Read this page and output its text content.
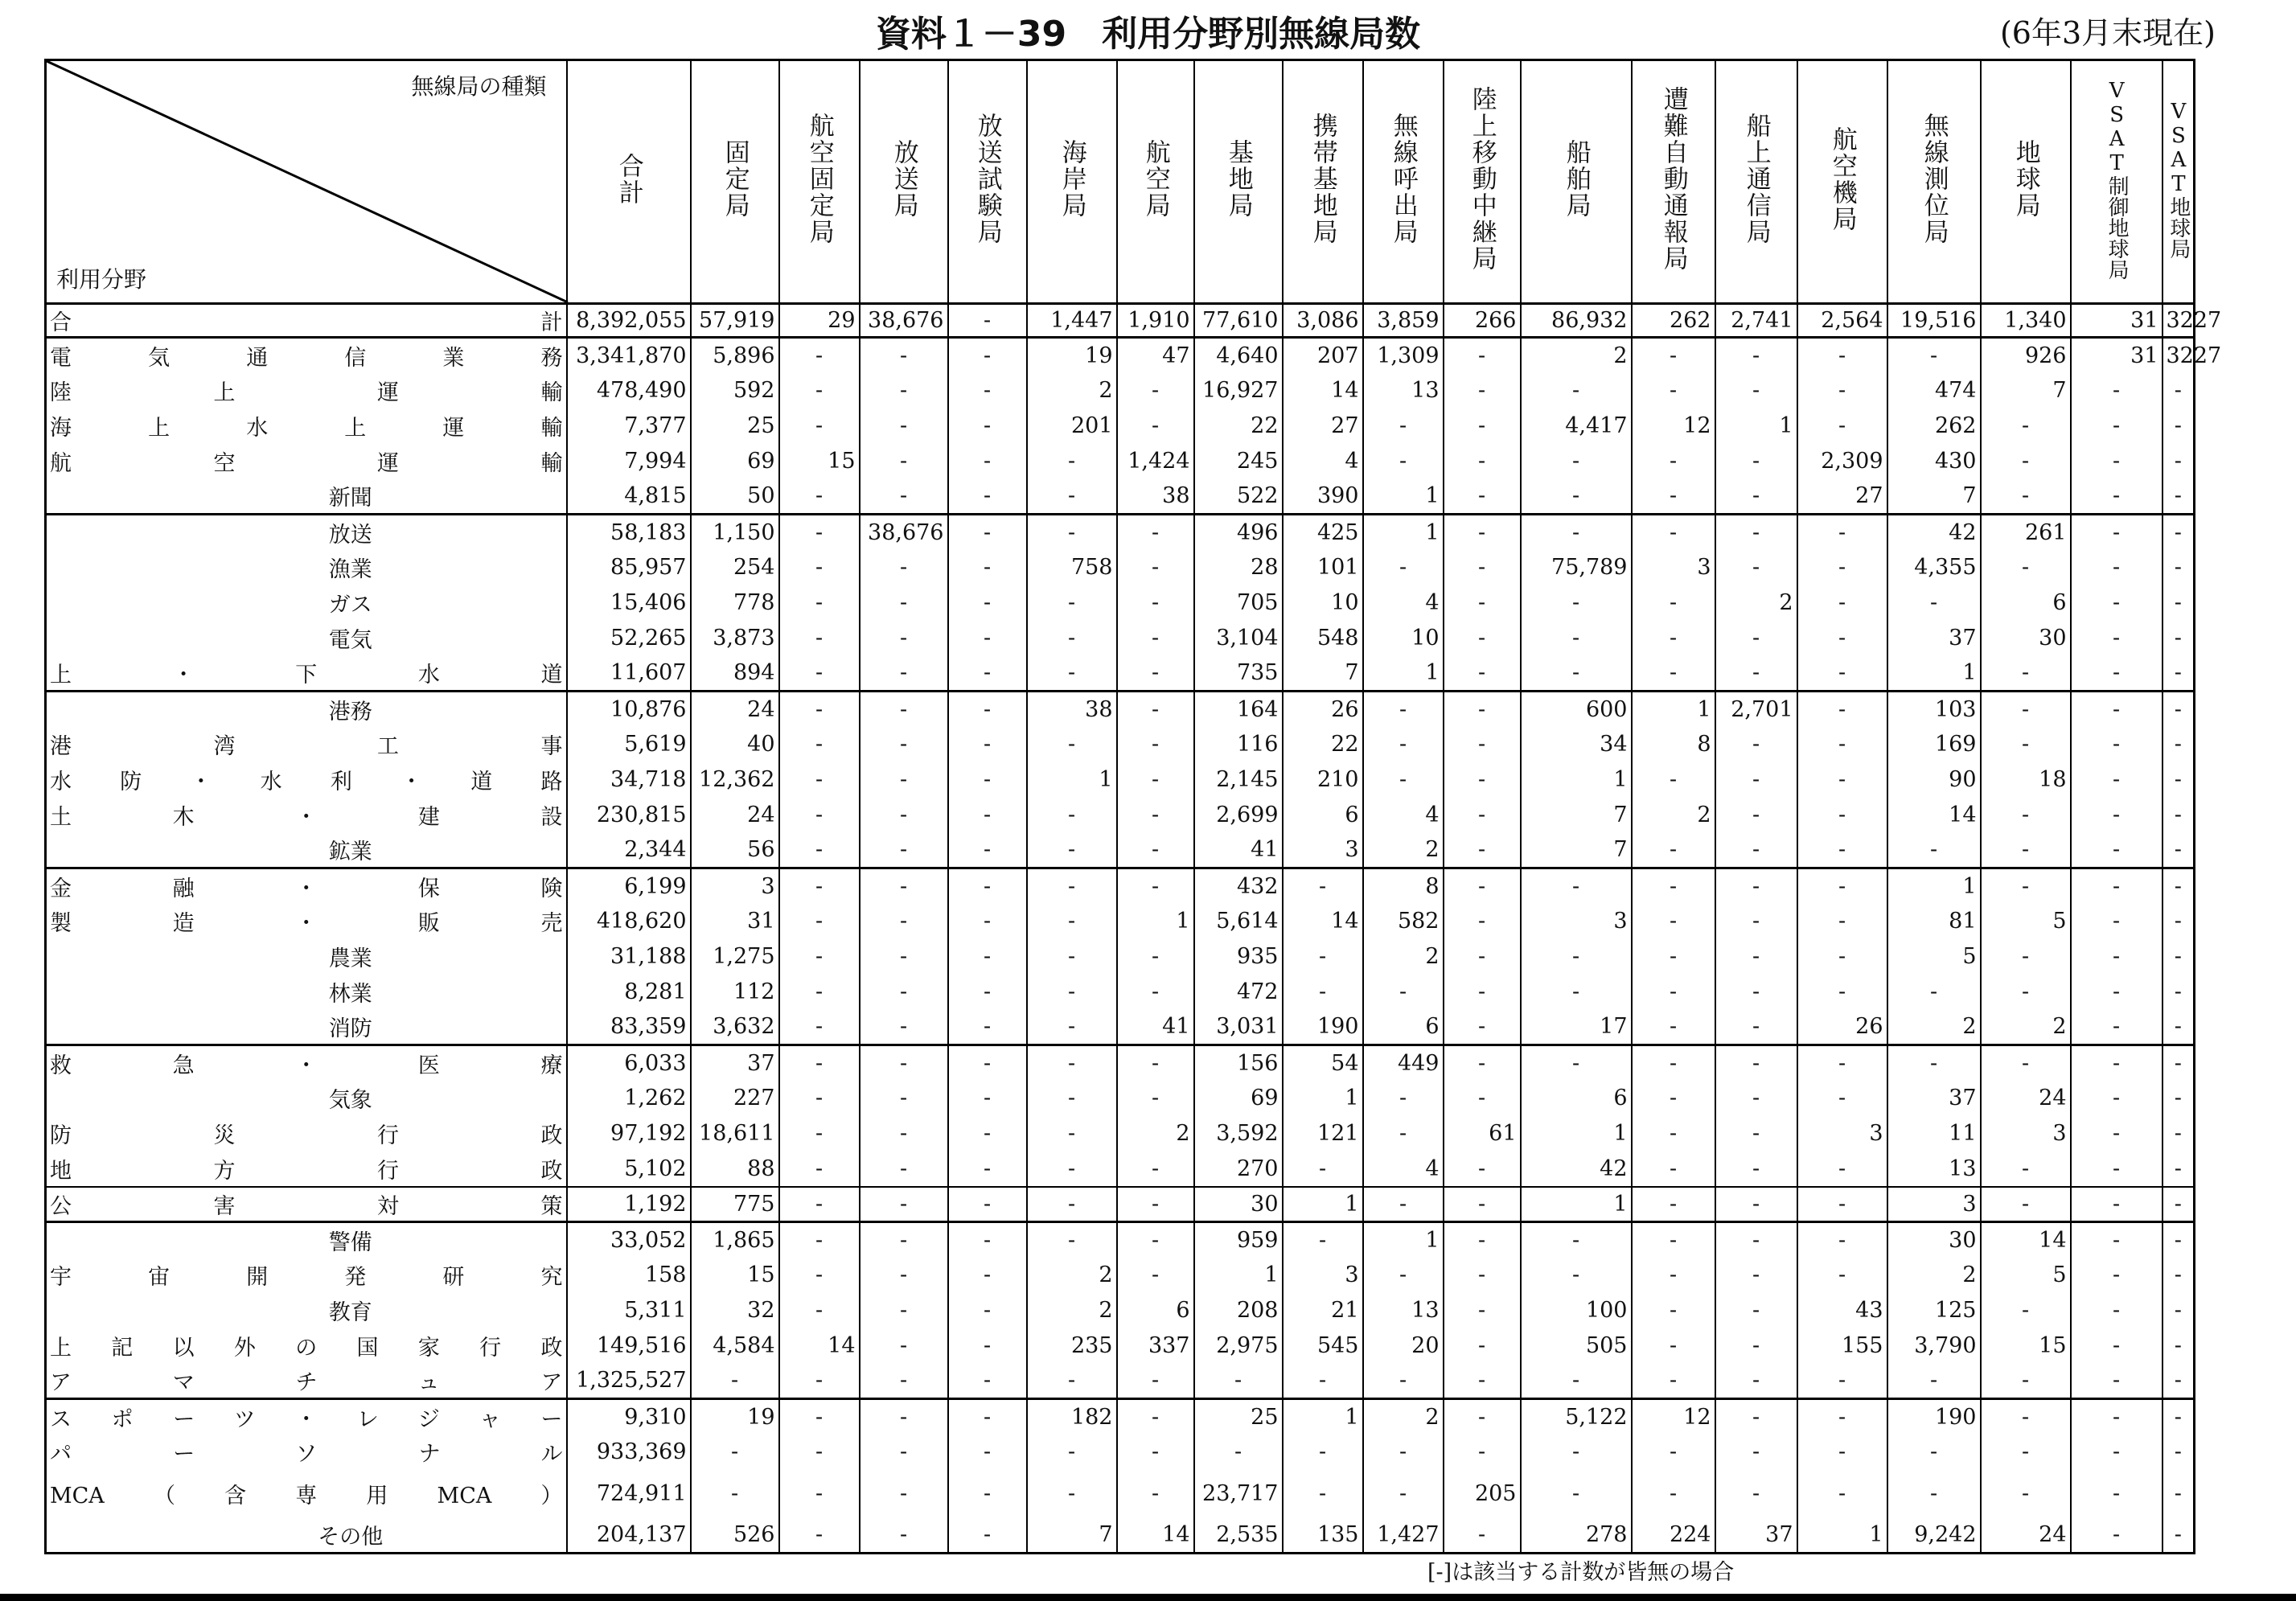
資料１－39　利用分野別無線局数	(6年3月末現在)
無線局の種類
利用分野	合計	固定局	航空固定局	放送局	放送試験局	海岸局	航空局	基地局	携帯基地局	無線呼出局	陸上移動中継局	船舶局	遭難自動通報局	船上通信局	航空機局	無線測位局	地球局	VSAT制御地球局	VSAT地球局
合計	8,392,055	57,919	29	38,676	-	1,447	1,910	77,610	3,086	3,859	266	86,932	262	2,741	2,564	19,516	1,340	31	3227
電気通信業務	3,341,870	5,896	-	-	-	19	47	4,640	207	1,309	-	2	-	-	-	-	926	31	3227
陸上運輸	478,490	592	-	-	-	2	-	16,927	14	13	-	-	-	-	-	474	7	-	-
海上水上運輸	7,377	25	-	-	-	201	-	22	27	-	-	4,417	12	1	-	262	-	-	-
航空運輸	7,994	69	15	-	-	-	1,424	245	4	-	-	-	-	-	2,309	430	-	-	-
新聞	4,815	50	-	-	-	-	38	522	390	1	-	-	-	-	27	7	-	-	-
放送	58,183	1,150	-	38,676	-	-	-	496	425	1	-	-	-	-	-	42	261	-	-
漁業	85,957	254	-	-	-	758	-	28	101	-	-	75,789	3	-	-	4,355	-	-	-
ガス	15,406	778	-	-	-	-	-	705	10	4	-	-	-	2	-	-	6	-	-
電気	52,265	3,873	-	-	-	-	-	3,104	548	10	-	-	-	-	-	37	30	-	-
上・下水道	11,607	894	-	-	-	-	-	735	7	1	-	-	-	-	-	1	-	-	-
港務	10,876	24	-	-	-	38	-	164	26	-	-	600	1	2,701	-	103	-	-	-
港湾工事	5,619	40	-	-	-	-	-	116	22	-	-	34	8	-	-	169	-	-	-
水防・水利・道路	34,718	12,362	-	-	-	1	-	2,145	210	-	-	1	-	-	-	90	18	-	-
土木・建設	230,815	24	-	-	-	-	-	2,699	6	4	-	7	2	-	-	14	-	-	-
鉱業	2,344	56	-	-	-	-	-	41	3	2	-	7	-	-	-	-	-	-	-
金融・保険	6,199	3	-	-	-	-	-	432	-	8	-	-	-	-	-	1	-	-	-
製造・販売	418,620	31	-	-	-	-	1	5,614	14	582	-	3	-	-	-	81	5	-	-
農業	31,188	1,275	-	-	-	-	-	935	-	2	-	-	-	-	-	5	-	-	-
林業	8,281	112	-	-	-	-	-	472	-	-	-	-	-	-	-	-	-	-	-
消防	83,359	3,632	-	-	-	-	41	3,031	190	6	-	17	-	-	26	2	2	-	-
救急・医療	6,033	37	-	-	-	-	-	156	54	449	-	-	-	-	-	-	-	-	-
気象	1,262	227	-	-	-	-	-	69	1	-	-	6	-	-	-	37	24	-	-
防災行政	97,192	18,611	-	-	-	-	2	3,592	121	-	61	1	-	-	3	11	3	-	-
地方行政	5,102	88	-	-	-	-	-	270	-	4	-	42	-	-	-	13	-	-	-
公害対策	1,192	775	-	-	-	-	-	30	1	-	-	1	-	-	-	3	-	-	-
警備	33,052	1,865	-	-	-	-	-	959	-	1	-	-	-	-	-	30	14	-	-
宇宙開発研究	158	15	-	-	-	2	-	1	3	-	-	-	-	-	-	2	5	-	-
教育	5,311	32	-	-	-	2	6	208	21	13	-	100	-	-	43	125	-	-	-
上記以外の国家行政	149,516	4,584	14	-	-	235	337	2,975	545	20	-	505	-	-	155	3,790	15	-	-
アマチュア	1,325,527	-	-	-	-	-	-	-	-	-	-	-	-	-	-	-	-	-	-
スポーツ・レジャー	9,310	19	-	-	-	182	-	25	1	2	-	5,122	12	-	-	190	-	-	-
パーソナル	933,369	-	-	-	-	-	-	-	-	-	-	-	-	-	-	-	-	-	-
MCA（含専用MCA）	724,911	-	-	-	-	-	-	23,717	-	-	205	-	-	-	-	-	-	-	-
その他	204,137	526	-	-	-	7	14	2,535	135	1,427	-	278	224	37	1	9,242	24	-	-
[-]は該当する計数が皆無の場合
